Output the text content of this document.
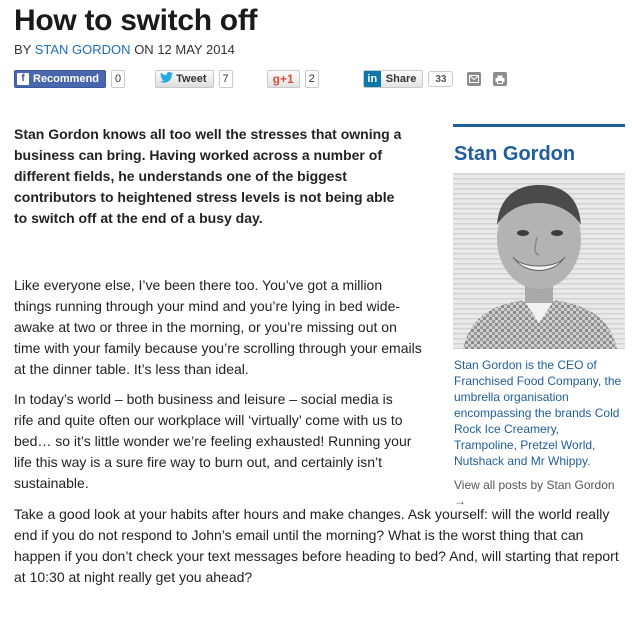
How to switch off
BY STAN GORDON ON 12 MAY 2014
f Recommend	0	Tweet	7	g+1	2	in Share	33

Stan Gordon knows all too well the stresses that owning a business can bring. Having worked across a number of different fields, he understands one of the biggest contributors to heightened stress levels is not being able to switch off at the end of a busy day.

Like everyone else, I’ve been there too. You’ve got a million things running through your mind and you’re lying in bed wide-awake at two or three in the morning, or you’re missing out on time with your family because you’re scrolling through your emails at the dinner table. It’s less than ideal.

In today’s world – both business and leisure – social media is rife and quite often our workplace will ‘virtually’ come with us to bed… so it’s little wonder we’re feeling exhausted! Running your life this way is a sure fire way to burn out, and certainly isn’t sustainable.

Take a good look at your habits after hours and make changes. Ask yourself: will the world really end if you do not respond to John’s email until the morning? What is the worst thing that can happen if you don’t check your text messages before heading to bed? And, will starting that report at 10:30 at night really get you ahead?

Stan Gordon
Stan Gordon is the CEO of Franchised Food Company, the umbrella organisation encompassing the brands Cold Rock Ice Creamery, Trampoline, Pretzel World, Nutshack and Mr Whippy.
View all posts by Stan Gordon →
